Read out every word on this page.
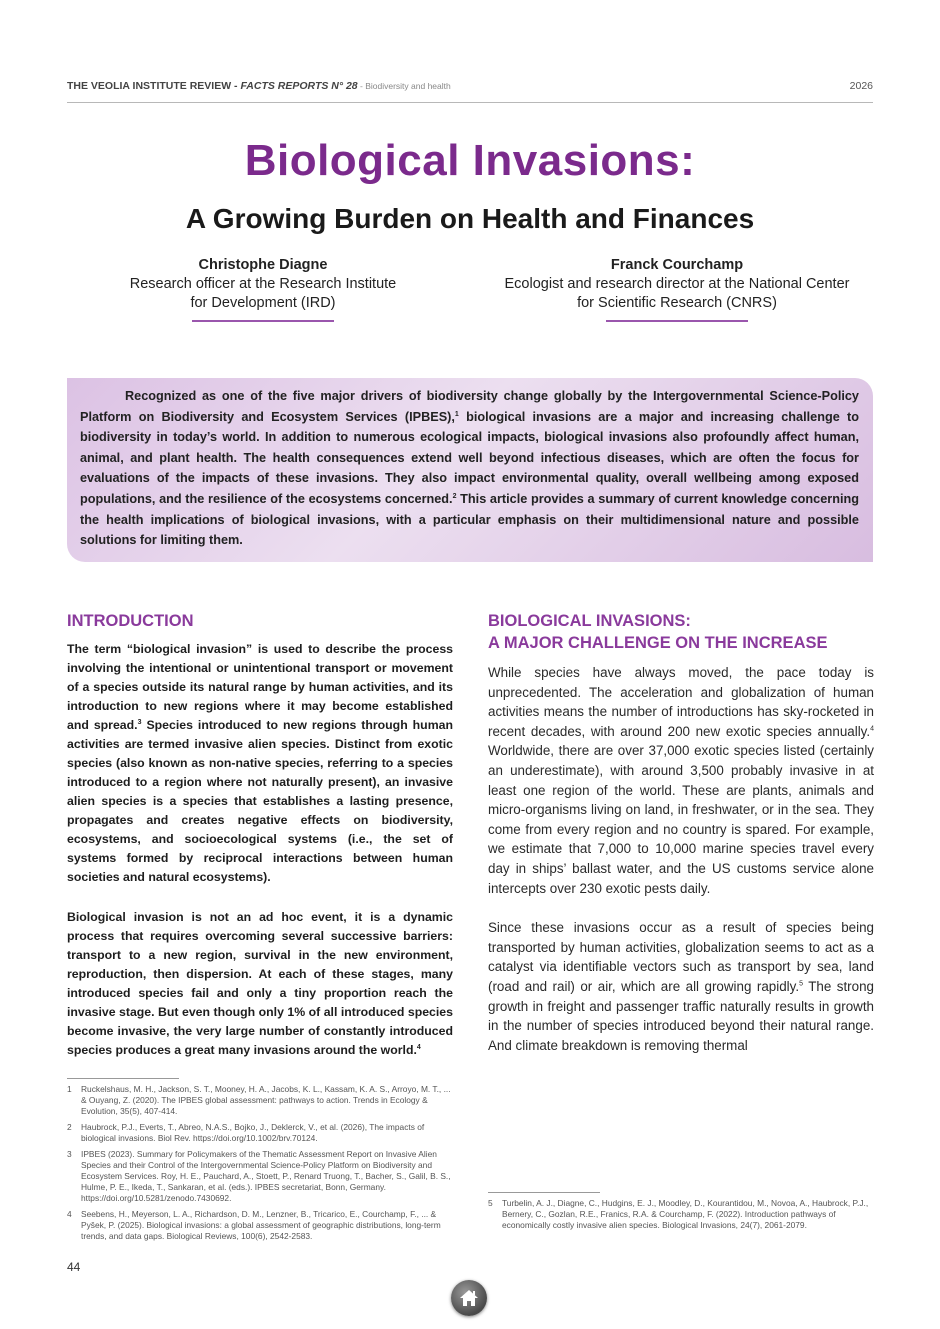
THE VEOLIA INSTITUTE REVIEW - FACTS REPORTS N° 28 - Biodiversity and health	2026
Biological Invasions:
A Growing Burden on Health and Finances
Christophe Diagne
Research officer at the Research Institute
for Development (IRD)
Franck Courchamp
Ecologist and research director at the National Center
for Scientific Research (CNRS)

Recognized as one of the five major drivers of biodiversity change globally by the Intergovernmental Science-Policy Platform on Biodiversity and Ecosystem Services (IPBES),$^1$ biological invasions are a major and increasing challenge to biodiversity in today’s world. In addition to numerous ecological impacts, biological invasions also profoundly affect human, animal, and plant health. The health consequences extend well beyond infectious diseases, which are often the focus for evaluations of the impacts of these invasions. They also impact environmental quality, overall wellbeing among exposed populations, and the resilience of the ecosystems concerned.$^2$ This article provides a summary of current knowledge concerning the health implications of biological invasions, with a particular emphasis on their multidimensional nature and possible solutions for limiting them.

INTRODUCTION

The term “biological invasion” is used to describe the process involving the intentional or unintentional transport or movement of a species outside its natural range by human activities, and its introduction to new regions where it may become established and spread.$^3$ Species introduced to new regions through human activities are termed invasive alien species. Distinct from exotic species (also known as non-native species, referring to a species introduced to a region where not naturally present), an invasive alien species is a species that establishes a lasting presence, propagates and creates negative effects on biodiversity, ecosystems, and socioecological systems (i.e., the set of systems formed by reciprocal interactions between human societies and natural ecosystems).

Biological invasion is not an ad hoc event, it is a dynamic process that requires overcoming several successive barriers: transport to a new region, survival in the new environment, reproduction, then dispersion. At each of these stages, many introduced species fail and only a tiny proportion reach the invasive stage. But even though only 1% of all introduced species become invasive, the very large number of constantly introduced species produces a great many invasions around the world.$^4$

BIOLOGICAL INVASIONS:
A MAJOR CHALLENGE ON THE INCREASE

While species have always moved, the pace today is unprecedented. The acceleration and globalization of human activities means the number of introductions has sky-rocketed in recent decades, with around 200 new exotic species annually.$^4$ Worldwide, there are over 37,000 exotic species listed (certainly an underestimate), with around 3,500 probably invasive in at least one region of the world. These are plants, animals and micro-organisms living on land, in freshwater, or in the sea. They come from every region and no country is spared. For example, we estimate that 7,000 to 10,000 marine species travel every day in ships’ ballast water, and the US customs service alone intercepts over 230 exotic pests daily.

Since these invasions occur as a result of species being transported by human activities, globalization seems to act as a catalyst via identifiable vectors such as transport by sea, land (road and rail) or air, which are all growing rapidly.$^5$ The strong growth in freight and passenger traffic naturally results in growth in the number of species introduced beyond their natural range. And climate breakdown is removing thermal

1	Ruckelshaus, M. H., Jackson, S. T., Mooney, H. A., Jacobs, K. L., Kassam, K. A. S., Arroyo, M. T., ... & Ouyang, Z. (2020). The IPBES global assessment: pathways to action. Trends in Ecology & Evolution, 35(5), 407-414.
2	Haubrock, P.J., Everts, T., Abreo, N.A.S., Bojko, J., Deklerck, V., et al. (2026), The impacts of biological invasions. Biol Rev. https://doi.org/10.1002/brv.70124.
3	IPBES (2023). Summary for Policymakers of the Thematic Assessment Report on Invasive Alien Species and their Control of the Intergovernmental Science-Policy Platform on Biodiversity and Ecosystem Services. Roy, H. E., Pauchard, A., Stoett, P., Renard Truong, T., Bacher, S., Galil, B. S., Hulme, P. E., Ikeda, T., Sankaran, et al. (eds.). IPBES secretariat, Bonn, Germany. https://doi.org/10.5281/zenodo.7430692.
4	Seebens, H., Meyerson, L. A., Richardson, D. M., Lenzner, B., Tricarico, E., Courchamp, F., ... & Pyšek, P. (2025). Biological invasions: a global assessment of geographic distributions, long-term trends, and data gaps. Biological Reviews, 100(6), 2542-2583.
5	Turbelin, A. J., Diagne, C., Hudgins, E. J., Moodley, D., Kourantidou, M., Novoa, A., Haubrock, P.J., Bernery, C., Gozlan, R.E., Franics, R.A. & Courchamp, F. (2022). Introduction pathways of economically costly invasive alien species. Biological Invasions, 24(7), 2061-2079.
44
